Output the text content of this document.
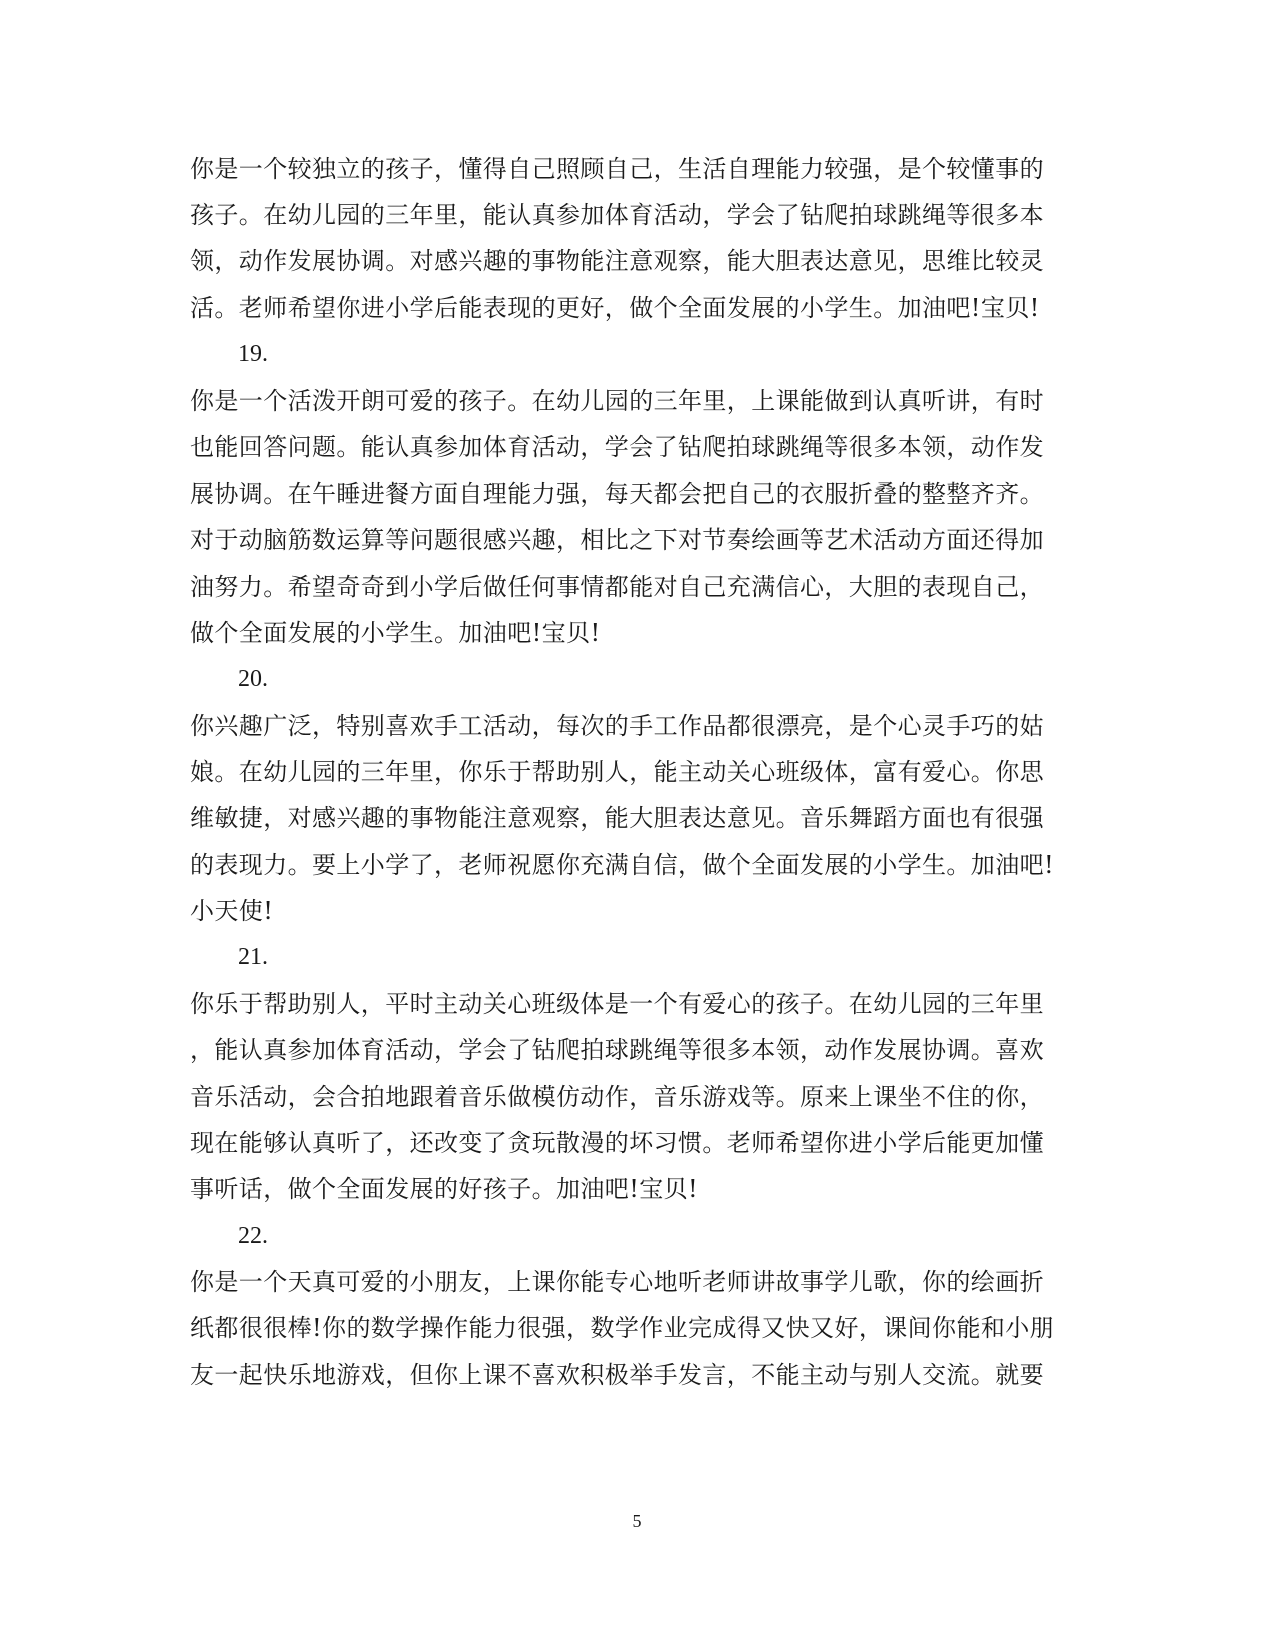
你是一个较独立的孩子，懂得自己照顾自己，生活自理能力较强，是个较懂事的
孩子。在幼儿园的三年里，能认真参加体育活动，学会了钻爬拍球跳绳等很多本
领，动作发展协调。对感兴趣的事物能注意观察，能大胆表达意见，思维比较灵
活。老师希望你进小学后能表现的更好，做个全面发展的小学生。加油吧!宝贝!
19.
你是一个活泼开朗可爱的孩子。在幼儿园的三年里，上课能做到认真听讲，有时
也能回答问题。能认真参加体育活动，学会了钻爬拍球跳绳等很多本领，动作发
展协调。在午睡进餐方面自理能力强，每天都会把自己的衣服折叠的整整齐齐。
对于动脑筋数运算等问题很感兴趣，相比之下对节奏绘画等艺术活动方面还得加
油努力。希望奇奇到小学后做任何事情都能对自己充满信心，大胆的表现自己，
做个全面发展的小学生。加油吧!宝贝!
20.
你兴趣广泛，特别喜欢手工活动，每次的手工作品都很漂亮，是个心灵手巧的姑
娘。在幼儿园的三年里，你乐于帮助别人，能主动关心班级体，富有爱心。你思
维敏捷，对感兴趣的事物能注意观察，能大胆表达意见。音乐舞蹈方面也有很强
的表现力。要上小学了，老师祝愿你充满自信，做个全面发展的小学生。加油吧!
小天使!
21.
你乐于帮助别人，平时主动关心班级体是一个有爱心的孩子。在幼儿园的三年里
，能认真参加体育活动，学会了钻爬拍球跳绳等很多本领，动作发展协调。喜欢
音乐活动，会合拍地跟着音乐做模仿动作，音乐游戏等。原来上课坐不住的你，
现在能够认真听了，还改变了贪玩散漫的坏习惯。老师希望你进小学后能更加懂
事听话，做个全面发展的好孩子。加油吧!宝贝!
22.
你是一个天真可爱的小朋友，上课你能专心地听老师讲故事学儿歌，你的绘画折
纸都很很棒!你的数学操作能力很强，数学作业完成得又快又好，课间你能和小朋
友一起快乐地游戏，但你上课不喜欢积极举手发言，不能主动与别人交流。就要
5
